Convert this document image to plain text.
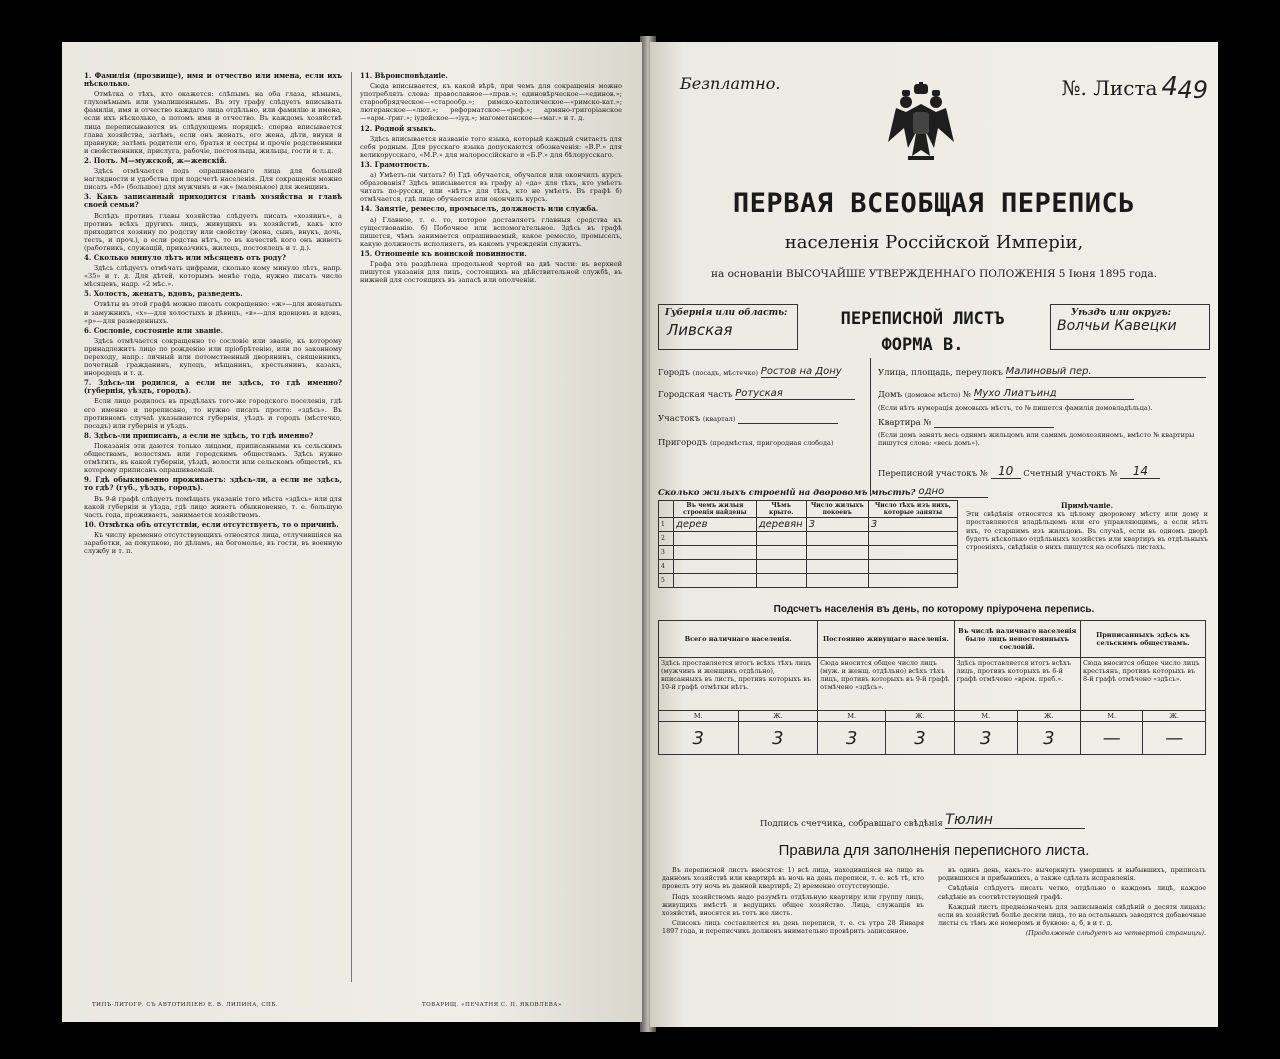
1. Фамилія (прозвище), имя и отчество или имена, если ихъ нѣсколько.

Отмѣтка о тѣхъ, кто окажется: слѣпымъ на оба глаза, нѣмымъ, глухонѣмымъ или умалишеннымъ. Въ эту графу слѣдуетъ вписывать фамиліи, имя и отчество каждаго лица отдѣльно, или фамилію и имена, если ихъ нѣсколько, а потомъ имя и отчество. Въ каждомъ хозяйствѣ лица переписываются въ слѣдующемъ порядкѣ: сперва вписывается глава хозяйства, затѣмъ, если онъ женатъ, его жена, дѣти, внуки и правнуки; затѣмъ родители его, братья и сестры и прочіе родственники и свойственники, прислуга, рабочіе, постояльцы, жильцы, гости и т. д.

2. Полъ. М—мужской, ж—женскій.

Здѣсь отмѣчается подъ опрашиваемаго лица для большей наглядности и удобства при подсчетѣ населенія. Для сокращенія можно писать «М» (большое) для мужчинъ и «ж» (маленькое) для женщинъ.

3. Какъ записанный приходится главѣ хозяйства и главѣ своей семьи?

Вслѣдъ противъ главы хозяйства слѣдуетъ писать «хозяинъ», а противъ всѣхъ другихъ лицъ, живущихъ въ хозяйствѣ, какъ кто приходится хозяину по родству или свойству (жена, сынъ, внукъ, дочь, тесть, и проч.), а если родства нѣтъ, то въ качествѣ кого онъ живетъ (работникъ, служащій, приказчикъ, жилецъ, постоялецъ и т. д.).

4. Сколько минуло лѣтъ или мѣсяцевъ отъ роду?

Здѣсь слѣдуетъ отмѣчать цифрами, сколько кому минуло лѣтъ, напр. «35» и т. д. Для дѣтей, которымъ менѣе года, нужно писать число мѣсяцевъ, надр. «2 мѣс.».

5. Холостъ, женатъ, вдовъ, разведенъ.

Отвѣты въ этой графѣ можно писать сокращенно: «ж»—для женатыхъ и замужнихъ, «х»—для холостыхъ и дѣвицъ, «в»—для вдовцовъ и вдовъ, «р»—для разведенныхъ.

6. Сословіе, состояніе или званіе.

Здѣсь отмѣчается сокращенно то сословіе или званіе, къ которому принадлежитъ лицо по рожденію или пріобрѣтенію, или по законному переходу, напр.: личный или потомственный дворянинъ, священникъ, почетный гражданинъ, купецъ, мѣщанинъ, крестьянинъ, казакъ, инородецъ и т. д.

7. Здѣсь-ли родился, а если не здѣсь, то гдѣ именно? (губернія, уѣздъ, городъ).

Если лицо родилось въ предѣлахъ того-же городского поселенія, гдѣ его именно и переписано, то нужно писать просто: «здѣсь». Въ противномъ случаѣ указываются губернія, уѣздъ и городъ (мѣстечко, посадъ) или губернія и уѣздъ.

8. Здѣсь-ли приписанъ, а если не здѣсь, то гдѣ именно?

Показанія эти даются только лицами, приписанными къ сельскимъ обществамъ, волостямъ или городскимъ обществамъ. Здѣсь нужно отмѣтить, въ какой губерніи, уѣздѣ, волости или сельскомъ обществѣ, къ которому приписанъ опрашиваемый.

9. Гдѣ обыкновенно проживаетъ: здѣсь-ли, а если не здѣсь, то гдѣ? (губ., уѣздъ, городъ).

Въ 9-й графѣ слѣдуетъ помѣщать указаніе того мѣста «здѣсь» или для какой губерніи и уѣзда, гдѣ лицо живетъ обыкновенно, т. е. большую часть года, проживаетъ, занимается хозяйствомъ.

10. Отмѣтка объ отсутствіи, если отсутствуетъ, то о причинѣ.

Къ числу временно отсутствующихъ относятся лица, отлучившіяся на заработки, за покупкою, по дѣламъ, на богомолье, въ гости, въ военную службу и т. п.

11. Вѣроисповѣданіе.

Сюда вписывается, къ какой вѣрѣ, при чемъ для сокращенія можно употреблять слова: православное—«прав.»; единовѣрческое—«единов.»; старообрядческое—«старообр.»; римско-католическое—«римско-кат.»; лютеранское—«лют.»; реформатское—«реф.»; армяно-григоріанское—«арм.-григ.»; іудейское—«іуд.»; магометанское—«маг.» и т. д.

12. Родной языкъ.

Здѣсь вписывается названіе того языка, который каждый считаетъ для себя родным. Для русскаго языка допускаются обозначенія: «В.Р.» для великорусскаго, «М.Р.» для малороссійскаго и «Б.Р.» для бѣлорусскаго.

13. Грамотность.

а) Умѣетъ-ли читать? б) Гдѣ обучается, обучался или окончилъ курсъ образованія? Здѣсь вписывается въ графу а) «да» для тѣхъ, кто умѣетъ читать по-русски, или «нѣтъ» для тѣхъ, кто не умѣетъ. Въ графѣ б) отмѣчается, гдѣ лицо обучается или окончилъ курсъ.

14. Занятіе, ремесло, промыселъ, должность или служба.

а) Главное, т. е. то, которое доставляетъ главныя средства къ существованію. б) Побочное или вспомогательное. Здѣсь въ графѣ пишется, чѣмъ занимается опрашиваемый, какое ремесло, промыселъ, какую должность исполняетъ, въ какомъ учрежденіи служитъ.

15. Отношеніе къ воинской повинности.

Графа эта раздѣлена продольной чертой на двѣ части: въ верхней пишутся указанія для лицъ, состоящихъ на дѣйствительной службѣ, въ нижней для состоящихъ въ запасѣ или ополченіи.

ТИПЪ-ЛИТОГР. СЪ АВТОТИПІЕЮ Е. В. ЛИПИНА, СПБ.	ТОВАРИЩ. «ПЕЧАТНЯ С. П. ЯКОВЛЕВА»
Безплатно.	№. Листа 4 49
ПЕРВАЯ ВСЕОБЩАЯ ПЕРЕПИСЬ
населенія Россійской Имперіи,
на основаніи ВЫСОЧАЙШЕ УТВЕРЖДЕННАГО ПОЛОЖЕНІЯ 5 Іюня 1895 года.
Губернія или область:
Ливская
ПЕРЕПИСНОЙ ЛИСТЪ
ФОРМА В.
Уѣздъ или округъ:
Волчьи Кавецки
Городъ (посадъ, мѣстечко) Ростов на Дону
Городская часть Ротуская
Участокъ (квартал)
Пригородъ (предмѣстья, пригородная слобода)
Улица, площадь, переулокъ Малиновый пер.
Домъ (домовое мѣсто) № Мухо Лиатъинд
(Если нѣтъ нумерація домовыхъ мѣстъ, то № пишется фамилія домовладѣльца).
Квартира №
(Если домъ занятъ весь однимъ жильцомъ или самимъ домохозяиномъ, вмѣсто № квартиры пишутся слова: «весь домъ»).
Переписной участокъ № 10 Счетный участокъ № 14
Сколько жилыхъ строеній на дворовомъ мѣстѣ? одно
	Въ чемъ жилыя строенія найдены	Чѣмъ крыто.	Число жилыхъ покоевъ	Число тѣхъ изъ нихъ, которые заняты
1	дерев	деревян	3	3
2				
3				
4				
5				
Примѣчаніе.
Эти свѣдѣнія относятся къ цѣлому дворовому мѣсту или дому и проставляются владѣльцемъ или его управляющимъ, а если нѣтъ ихъ, то старшимъ изъ жильцовъ. Въ случаѣ, если въ одномъ дворѣ будетъ нѣсколько отдѣльныхъ хозяйствъ или квартиръ въ отдѣльныхъ строеніяхъ, свѣдѣнія о нихъ пишутся на особыхъ листахъ.
Подсчетъ населенія въ день, по которому пріурочена перепись.
Всего наличнаго населенія.		Постоянно живущаго населенія.		Въ числѣ наличнаго населенія было лицъ непостоянныхъ сословій.		Приписанныхъ здѣсь къ сельскимъ обществамъ.	
Здѣсь проставляется итогъ всѣхъ тѣхъ лицъ (мужчинъ и женщинъ отдѣльно), вписанныхъ въ листъ, противъ которыхъ въ 10-й графѣ отмѣтки нѣтъ.		Сюда вносится общее число лицъ (муж. и женщ. отдѣльно) всѣхъ тѣхъ лицъ, противъ которыхъ въ 9-й графѣ отмѣчено «здѣсь».		Здѣсь проставляется итогъ всѣхъ лицъ, противъ которыхъ въ 6-й графѣ отмѣчено «врем. преб.».		Сюда вносится общее число лицъ крестьянъ, противъ которыхъ въ 8-й графѣ отмѣчено «здѣсь».	
М.	Ж.	М.	Ж.	М.	Ж.	М.	Ж.
3	3	3	3	3	3	—	—
Подпись счетчика, собравшаго свѣдѣнія Тюлин
Правила для заполненія переписного листа.

Въ переписной листъ вносятся: 1) всѣ лица, находившіяся на лицо въ данномъ хозяйствѣ или квартирѣ въ ночь на день переписи, т. е. всѣ тѣ, кто провелъ эту ночь въ данной квартирѣ; 2) временно отсутствующіе.

Подъ хозяйствомъ надо разумѣть отдѣльную квартиру или группу лицъ, живущихъ вмѣстѣ и ведущихъ общее хозяйство. Лица, служащія въ хозяйствѣ, вносятся въ тотъ же листъ.

Списокъ лицъ составляется въ день переписи, т. е. съ утра 28 Января 1897 года, и переписчикъ долженъ внимательно провѣрить записанное.

въ одинъ день, какъ-то: вычеркнуть умершихъ и выбывшихъ, приписать родившихся и прибывшихъ, а также сдѣлать исправленія.

Свѣдѣнія слѣдуетъ писать четко, отдѣльно о каждомъ лицѣ, каждое свѣдѣніе въ соотвѣтствующей графѣ.

Каждый листъ предназначенъ для записыванія свѣдѣній о десяти лицахъ; если въ хозяйствѣ болѣе десяти лицъ, то на остальныхъ заводятся добавочные листы съ тѣмъ же номеромъ и буквою: а, б, в и т. д.

(Продолженіе слѣдуетъ на четвертой страницѣ).
